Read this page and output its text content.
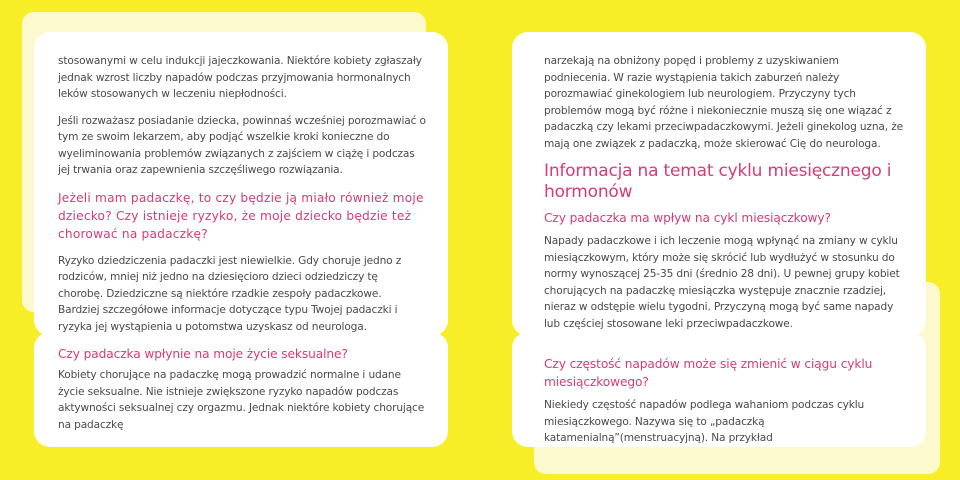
stosowanymi w celu indukcji jajeczkowania. Niektóre kobiety zgłaszały jednak wzrost liczby napadów podczas przyjmowania hormonalnych leków stosowanych w leczeniu niepłodności.

Jeśli rozważasz posiadanie dziecka, powinnaś wcześniej porozmawiać o tym ze swoim lekarzem, aby podjąć wszelkie kroki konieczne do wyeliminowania problemów związanych z zajściem w ciążę i podczas jej trwania oraz zapewnienia szczęśliwego rozwiązania.

Jeżeli mam padaczkę, to czy będzie ją miało również moje dziecko? Czy istnieje ryzyko, że moje dziecko będzie też chorować na padaczkę?

Ryzyko dziedziczenia padaczki jest niewielkie. Gdy choruje jedno z rodziców, mniej niż jedno na dziesięcioro dzieci odziedziczy tę chorobę. Dziedziczne są niektóre rzadkie zespoły padaczkowe. Bardziej szczegółowe informacje dotyczące typu Twojej padaczki i ryzyka jej wystąpienia u potomstwa uzyskasz od neurologa.

Czy padaczka wpłynie na moje życie seksualne?

Kobiety chorujące na padaczkę mogą prowadzić normalne i udane życie seksualne. Nie istnieje zwiększone ryzyko napadów podczas aktywności seksualnej czy orgazmu. Jednak niektóre kobiety chorujące na padaczkę

narzekają na obniżony popęd i problemy z uzyskiwaniem podniecenia. W razie wystąpienia takich zaburzeń należy porozmawiać ginekologiem lub neurologiem. Przyczyny tych problemów mogą być różne i niekoniecznie muszą się one wiązać z padaczką czy lekami przeciwpadaczkowymi. Jeżeli ginekolog uzna, że mają one związek z padaczką, może skierować Cię do neurologa.

Informacja na temat cyklu miesięcznego i hormonów
Czy padaczka ma wpływ na cykl miesiączkowy?

Napady padaczkowe i ich leczenie mogą wpłynąć na zmiany w cyklu miesiączkowym, który może się skrócić lub wydłużyć w stosunku do normy wynoszącej 25-35 dni (średnio 28 dni). U pewnej grupy kobiet chorujących na padaczkę miesiączka występuje znacznie rzadziej, nieraz w odstępie wielu tygodni. Przyczyną mogą być same napady lub częściej stosowane leki przeciwpadaczkowe.

Czy częstość napadów może się zmienić w ciągu cyklu miesiączkowego?

Niekiedy częstość napadów podlega wahaniom podczas cyklu miesiączkowego. Nazywa się to „padaczką katamenialną”(menstruacyjną). Na przykład
